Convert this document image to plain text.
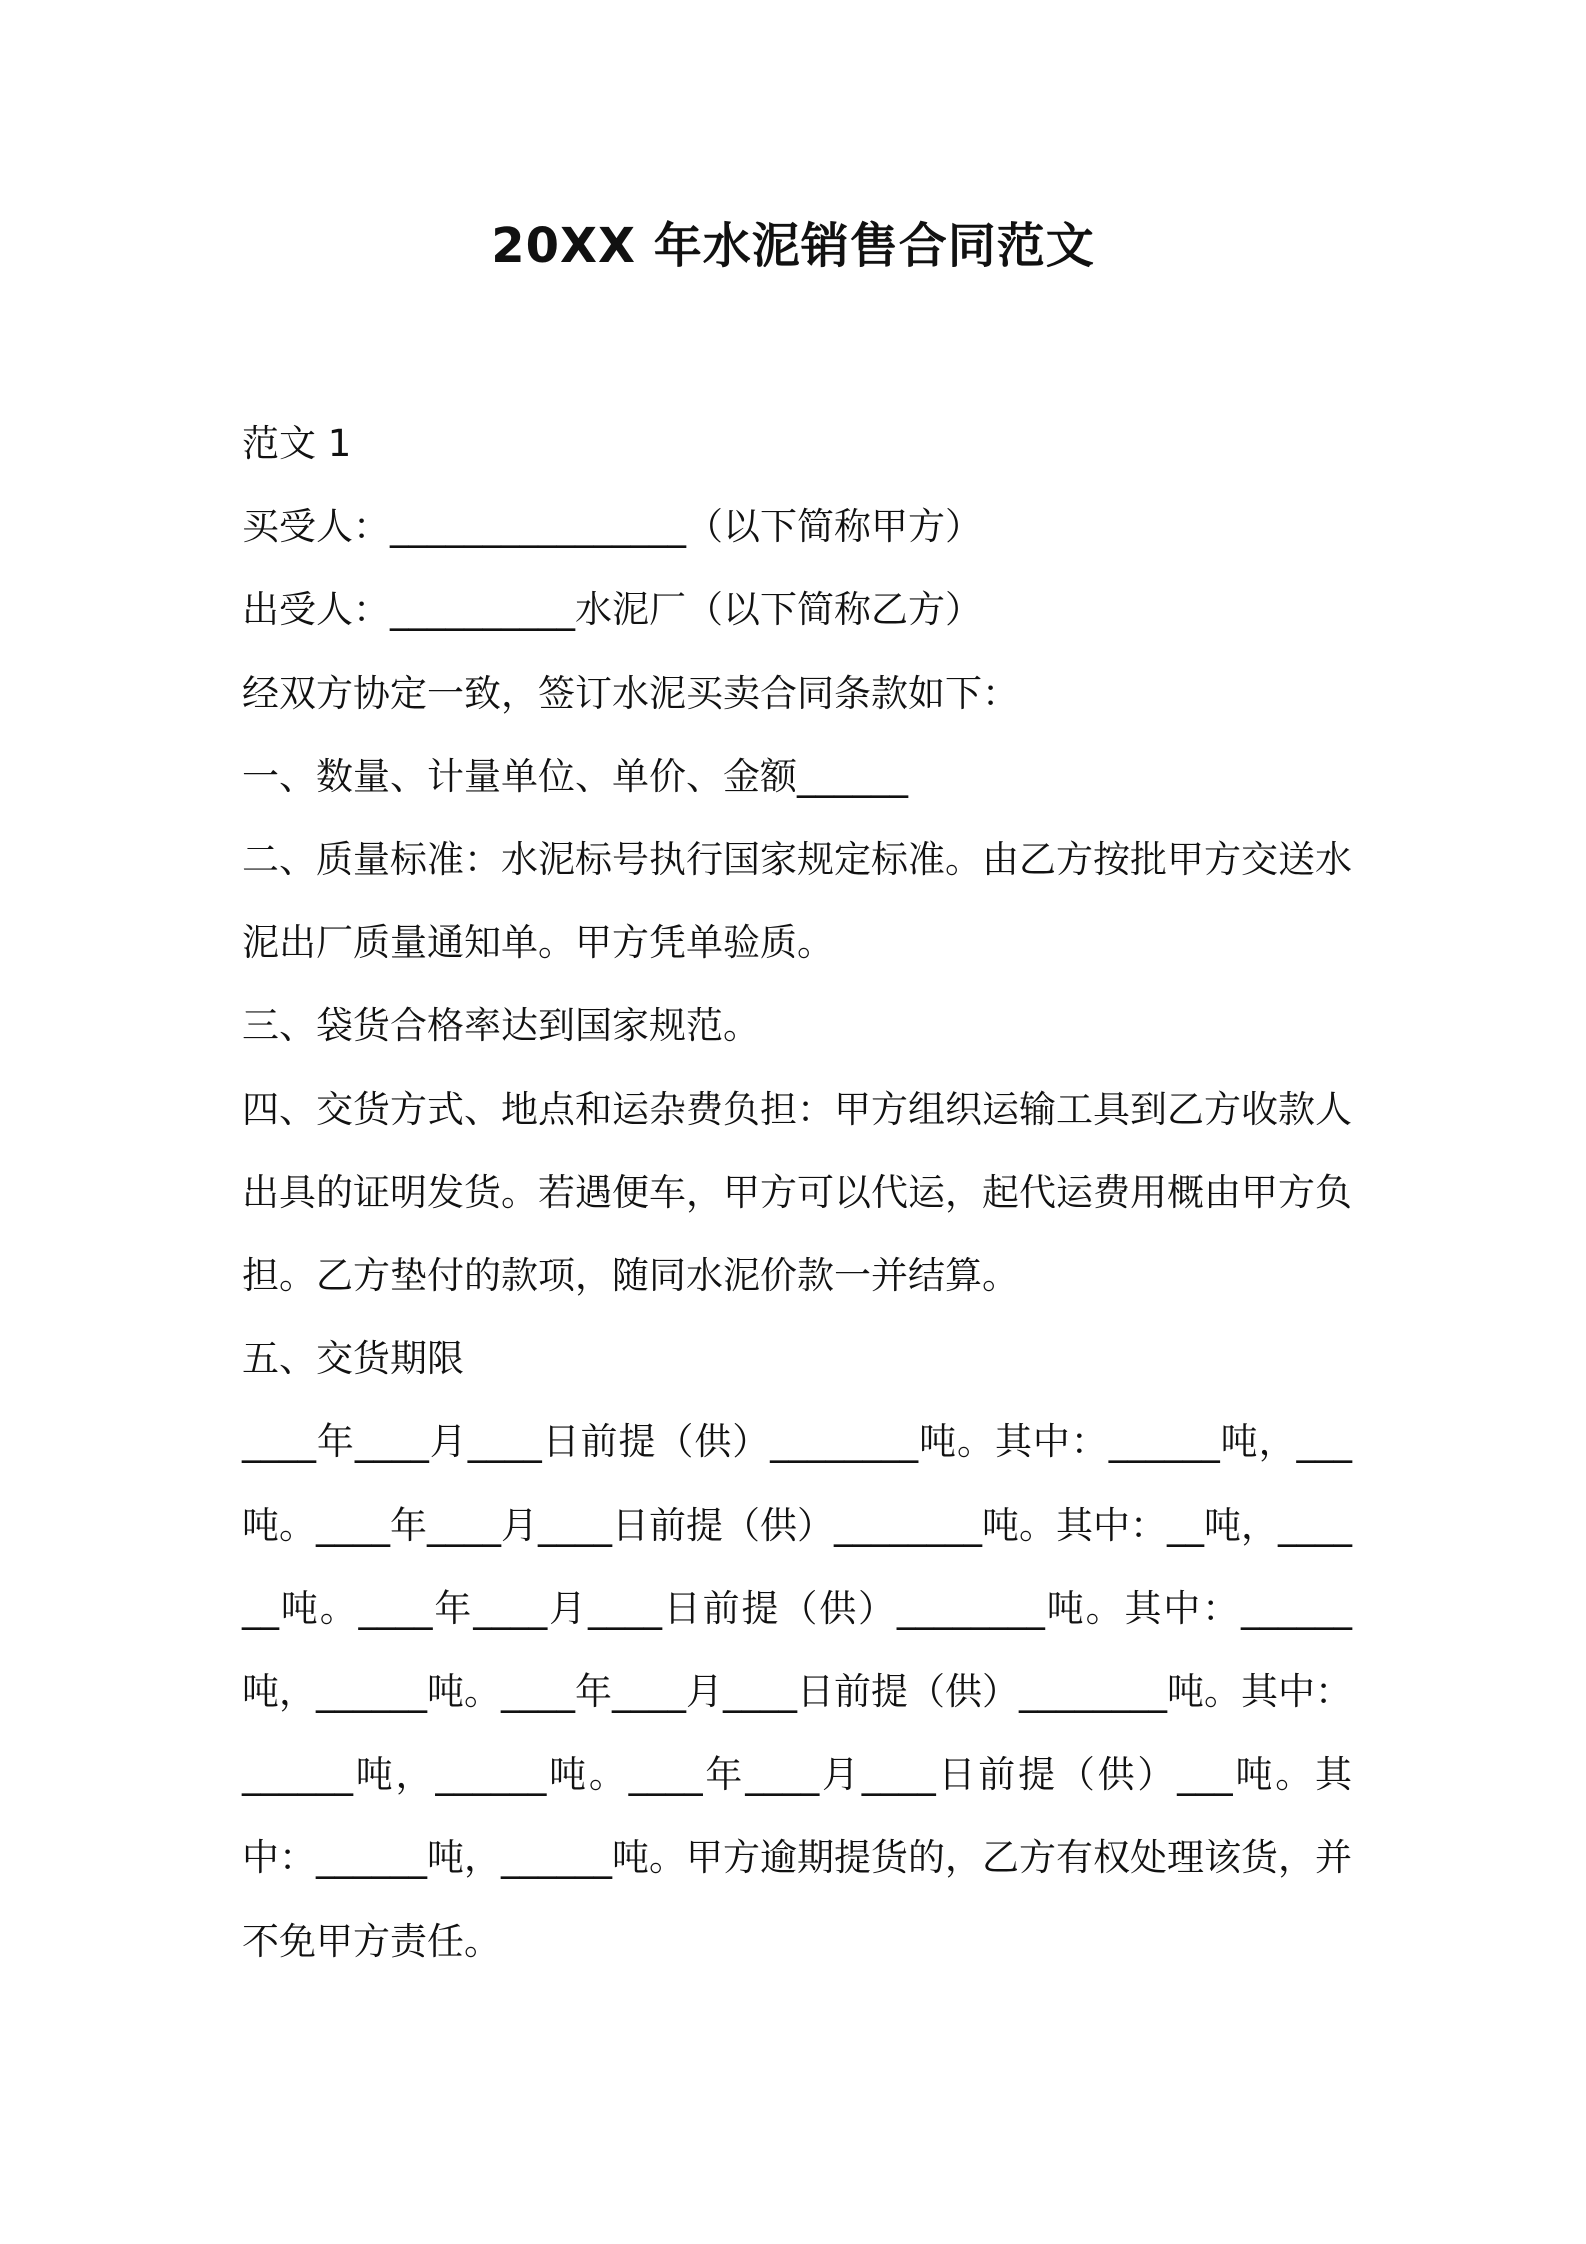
20XX 年水泥销售合同范文

范文 1

买受人：________________（以下简称甲方）

出受人：__________水泥厂（以下简称乙方）

经双方协定一致，签订水泥买卖合同条款如下：

一、数量、计量单位、单价、金额______

二、质量标准：水泥标号执行国家规定标准。由乙方按批甲方交送水泥出厂质量通知单。甲方凭单验质。

三、袋货合格率达到国家规范。

四、交货方式、地点和运杂费负担：甲方组织运输工具到乙方收款人出具的证明发货。若遇便车，甲方可以代运，起代运费用概由甲方负担。乙方垫付的款项，随同水泥价款一并结算。

五、交货期限

____年____月____日前提（供）________吨。其中：______吨，___吨。____年____月____日前提（供）________吨。其中：__吨，______吨。____年____月____日前提（供）________吨。其中：______吨，______吨。____年____月____日前提（供）________吨。其中：______吨，______吨。____年____月____日前提（供）___吨。其中：______吨，______吨。甲方逾期提货的，乙方有权处理该货，并不免甲方责任。
